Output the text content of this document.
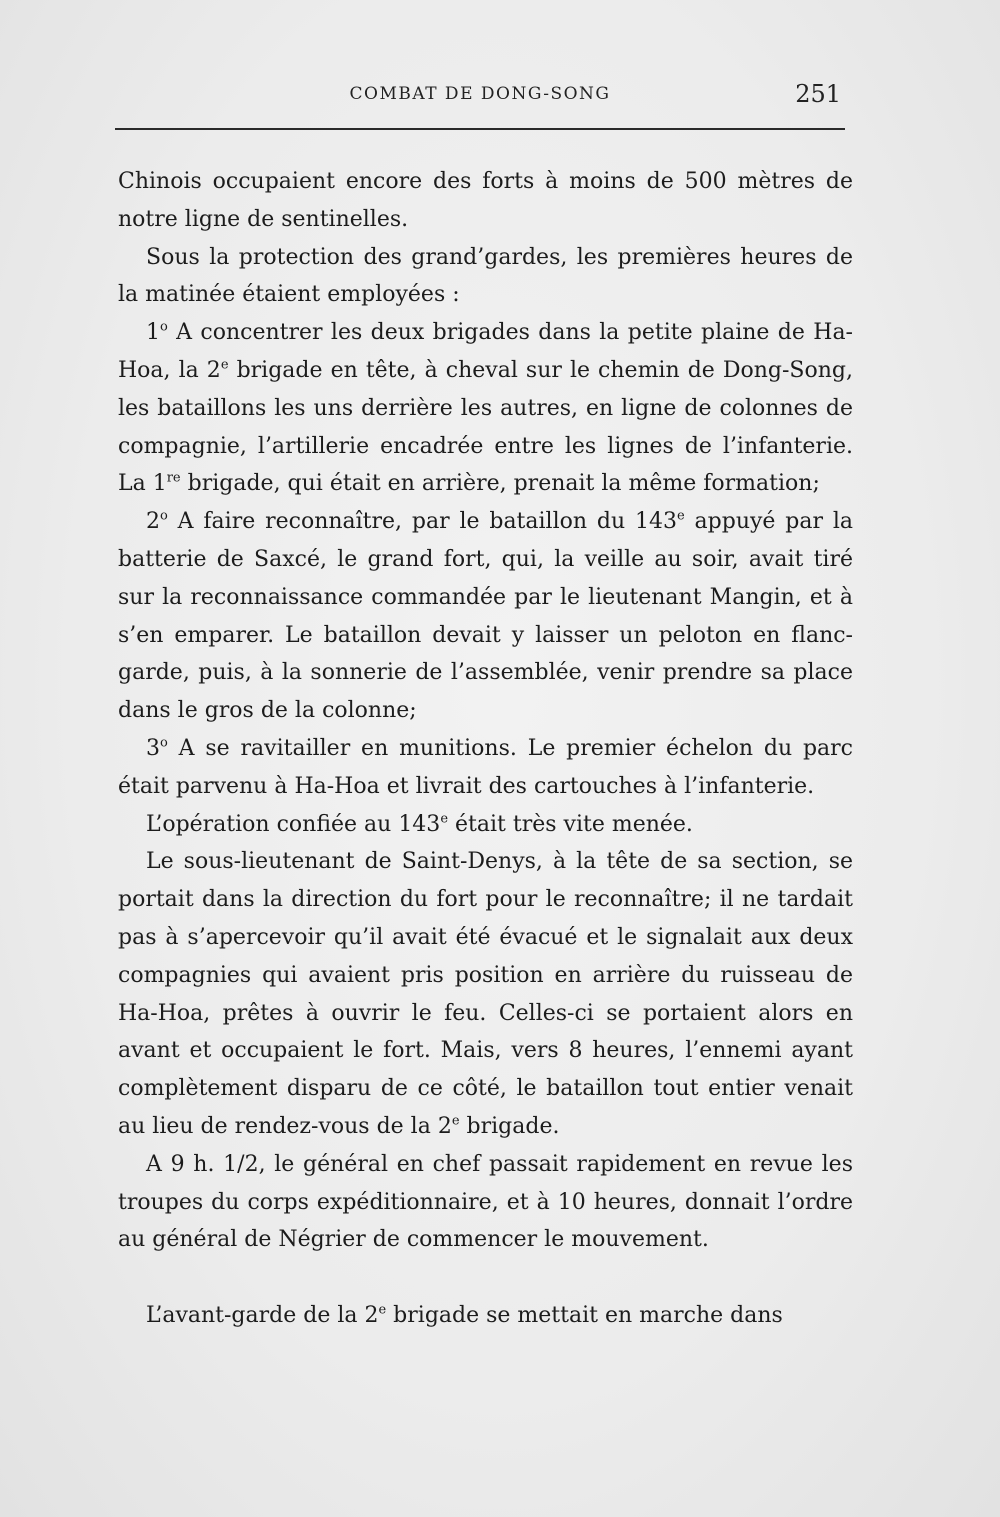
COMBAT DE DONG-SONG	251

Chinois occupaient encore des forts à moins de 500 mètres de notre ligne de sentinelles.

Sous la protection des grand’gardes, les premières heures de la matinée étaient employées :

1$^o$ A concentrer les deux brigades dans la petite plaine de Ha-Hoa, la 2e brigade en tête, à cheval sur le chemin de Dong-Song, les bataillons les uns derrière les autres, en ligne de colonnes de compagnie, l’artillerie encadrée entre les lignes de l’infanterie. La 1re brigade, qui était en arrière, prenait la même formation;

2$^o$ A faire reconnaître, par le bataillon du 143e appuyé par la batterie de Saxcé, le grand fort, qui, la veille au soir, avait tiré sur la reconnaissance commandée par le lieutenant Mangin, et à s’en emparer. Le bataillon devait y laisser un peloton en flanc-garde, puis, à la sonnerie de l’assemblée, venir prendre sa place dans le gros de la colonne;

3$^o$ A se ravitailler en munitions. Le premier échelon du parc était parvenu à Ha-Hoa et livrait des cartouches à l’infanterie.

L’opération confiée au 143e était très vite menée.

Le sous-lieutenant de Saint-Denys, à la tête de sa section, se portait dans la direction du fort pour le reconnaître; il ne tardait pas à s’apercevoir qu’il avait été évacué et le signalait aux deux compagnies qui avaient pris position en arrière du ruisseau de Ha-Hoa, prêtes à ouvrir le feu. Celles-ci se portaient alors en avant et occupaient le fort. Mais, vers 8 heures, l’ennemi ayant complètement disparu de ce côté, le bataillon tout entier venait au lieu de rendez-vous de la 2e brigade.

A 9 h. 1/2, le général en chef passait rapidement en revue les troupes du corps expéditionnaire, et à 10 heures, donnait l’ordre au général de Négrier de commencer le mouvement.

L’avant-garde de la 2e brigade se mettait en marche dans
